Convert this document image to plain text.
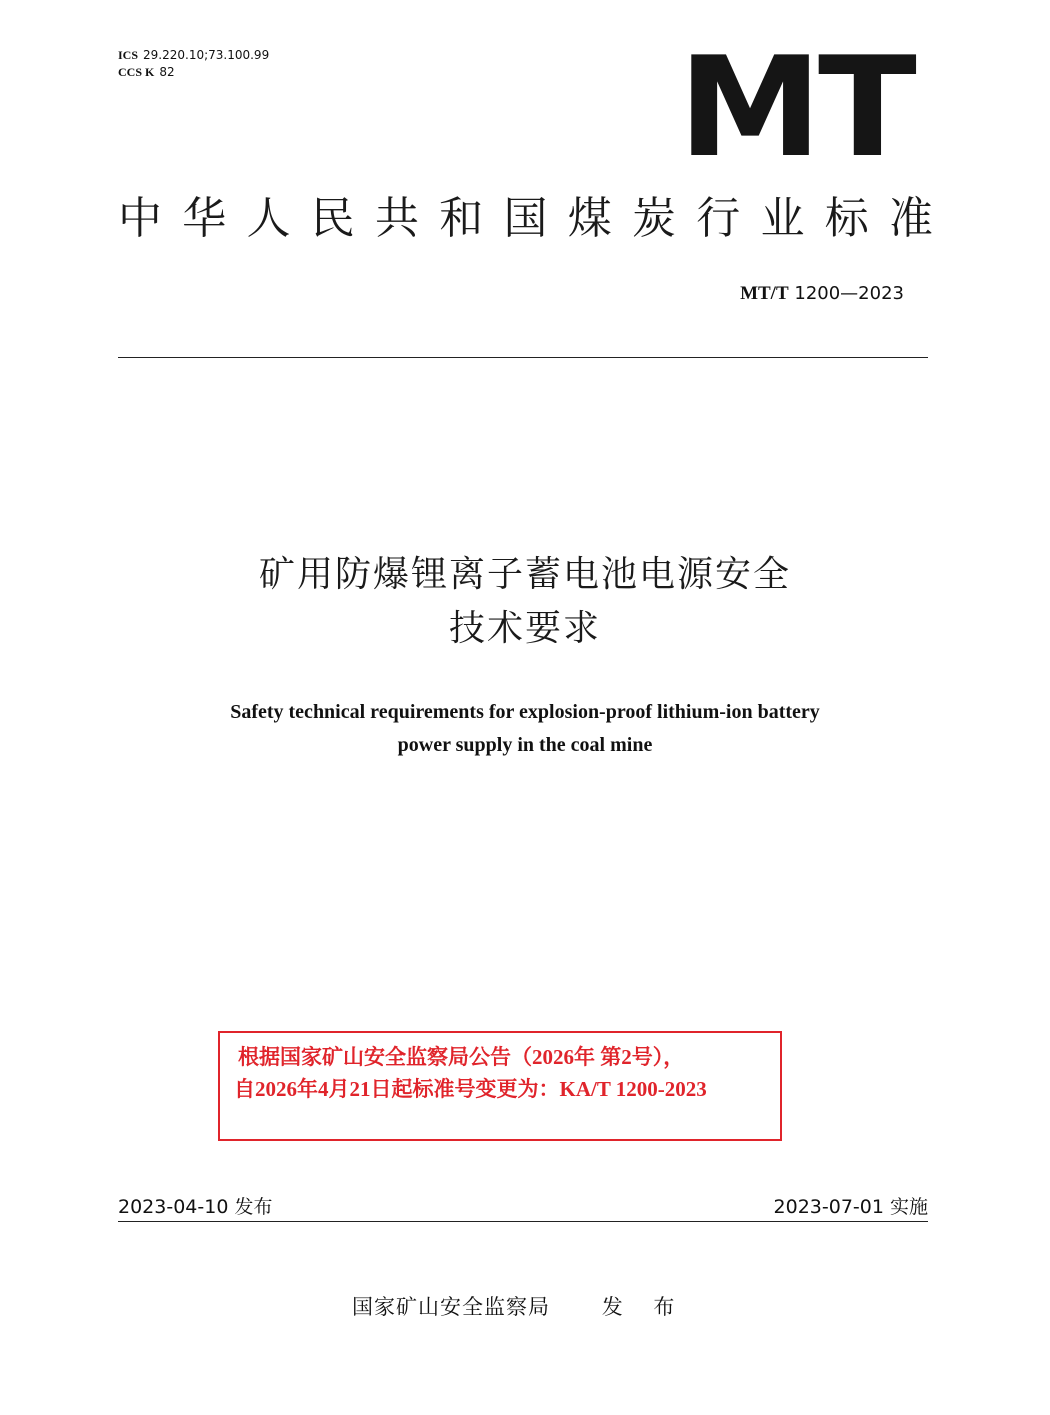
ICS 29.220.10;73.100.99
CCS K 82	MT
中 华 人 民 共 和 国 煤 炭 行 业 标 准
MT/T 1200—2023
矿用防爆锂离子蓄电池电源安全
技术要求
Safety technical requirements for explosion-proof lithium-ion battery
power supply in the coal mine
根据国家矿山安全监察局公告（2026年 第2号），
自2026年4月21日起标准号变更为：KA/T 1200-2023
2023-04-10 发布	2023-07-01 实施
国家矿山安全监察局 发 布
